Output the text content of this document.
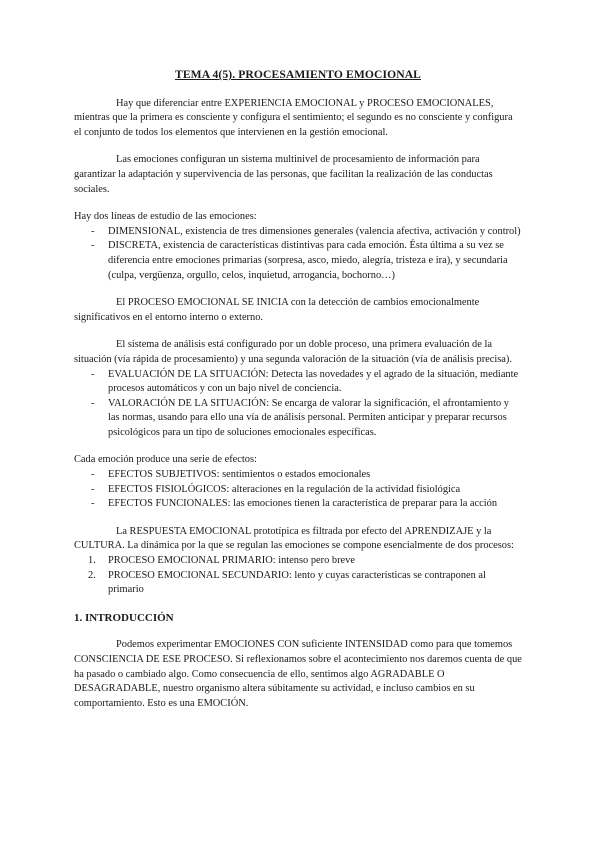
TEMA 4(5). PROCESAMIENTO EMOCIONAL

Hay que diferenciar entre EXPERIENCIA EMOCIONAL y PROCESO EMOCIONALES, mientras que la primera es consciente y configura el sentimiento; el segundo es no consciente y configura el conjunto de todos los elementos que intervienen en la gestión emocional.

Las emociones configuran un sistema multinivel de procesamiento de información para garantizar la adaptación y supervivencia de las personas, que facilitan la realización de las conductas sociales.

Hay dos líneas de estudio de las emociones:

- DIMENSIONAL, existencia de tres dimensiones generales (valencia afectiva, activación y control)
- DISCRETA, existencia de características distintivas para cada emoción. Ésta última a su vez se diferencia entre emociones primarias (sorpresa, asco, miedo, alegría, tristeza e ira), y secundaria (culpa, vergüenza, orgullo, celos, inquietud, arrogancia, bochorno…)

El PROCESO EMOCIONAL SE INICIA con la detección de cambios emocionalmente significativos en el entorno interno o externo.

El sistema de análisis está configurado por un doble proceso, una primera evaluación de la situación (vía rápida de procesamiento) y una segunda valoración de la situación (vía de análisis precisa).

- EVALUACIÓN DE LA SITUACIÓN: Detecta las novedades y el agrado de la situación, mediante procesos automáticos y con un bajo nivel de conciencia.
- VALORACIÓN DE LA SITUACIÓN: Se encarga de valorar la significación, el afrontamiento y las normas, usando para ello una vía de análisis personal. Permiten anticipar y preparar recursos psicológicos para un tipo de soluciones emocionales específicas.

Cada emoción produce una serie de efectos:

- EFECTOS SUBJETIVOS: sentimientos o estados emocionales
- EFECTOS FISIOLÓGICOS: alteraciones en la regulación de la actividad fisiológica
- EFECTOS FUNCIONALES: las emociones tienen la característica de preparar para la acción

La RESPUESTA EMOCIONAL prototípica es filtrada por efecto del APRENDIZAJE y la CULTURA. La dinámica por la que se regulan las emociones se compone esencialmente de dos procesos:

1. PROCESO EMOCIONAL PRIMARIO: intenso pero breve
2. PROCESO EMOCIONAL SECUNDARIO: lento y cuyas características se contraponen al primario
1. INTRODUCCIÓN

Podemos experimentar EMOCIONES CON suficiente INTENSIDAD como para que tomemos CONSCIENCIA DE ESE PROCESO. Si reflexionamos sobre el acontecimiento nos daremos cuenta de que ha pasado o cambiado algo. Como consecuencia de ello, sentimos algo AGRADABLE O DESAGRADABLE, nuestro organismo altera súbitamente su actividad, e incluso cambios en su comportamiento. Esto es una EMOCIÓN.
